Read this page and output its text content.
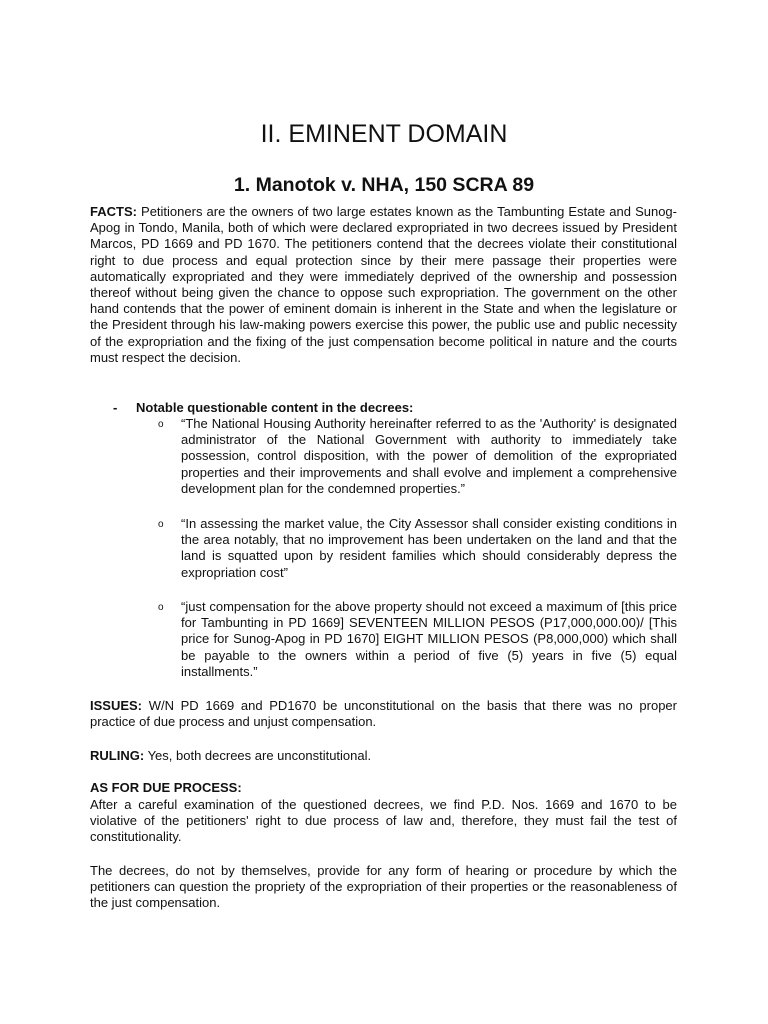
II. EMINENT DOMAIN
1. Manotok v. NHA, 150 SCRA 89

FACTS: Petitioners are the owners of two large estates known as the Tambunting Estate and Sunog-Apog in Tondo, Manila, both of which were declared expropriated in two decrees issued by President Marcos, PD 1669 and PD 1670. The petitioners contend that the decrees violate their constitutional right to due process and equal protection since by their mere passage their properties were automatically expropriated and they were immediately deprived of the ownership and possession thereof without being given the chance to oppose such expropriation. The government on the other hand contends that the power of eminent domain is inherent in the State and when the legislature or the President through his law-making powers exercise this power, the public use and public necessity of the expropriation and the fixing of the just compensation become political in nature and the courts must respect the decision.

- Notable questionable content in the decrees:

o “The National Housing Authority hereinafter referred to as the 'Authority' is designated administrator of the National Government with authority to immediately take possession, control disposition, with the power of demolition of the expropriated properties and their improvements and shall evolve and implement a comprehensive development plan for the condemned properties.”
o “In assessing the market value, the City Assessor shall consider existing conditions in the area notably, that no improvement has been undertaken on the land and that the land is squatted upon by resident families which should considerably depress the expropriation cost”
o “just compensation for the above property should not exceed a maximum of [this price for Tambunting in PD 1669] SEVENTEEN MILLION PESOS (P17,000,000.00)/ [This price for Sunog-Apog in PD 1670] EIGHT MILLION PESOS (P8,000,000) which shall be payable to the owners within a period of five (5) years in five (5) equal installments.”

ISSUES: W/N PD 1669 and PD1670 be unconstitutional on the basis that there was no proper practice of due process and unjust compensation.

RULING: Yes, both decrees are unconstitutional.

AS FOR DUE PROCESS:

After a careful examination of the questioned decrees, we find P.D. Nos. 1669 and 1670 to be violative of the petitioners' right to due process of law and, therefore, they must fail the test of constitutionality.

The decrees, do not by themselves, provide for any form of hearing or procedure by which the petitioners can question the propriety of the expropriation of their properties or the reasonableness of the just compensation.
